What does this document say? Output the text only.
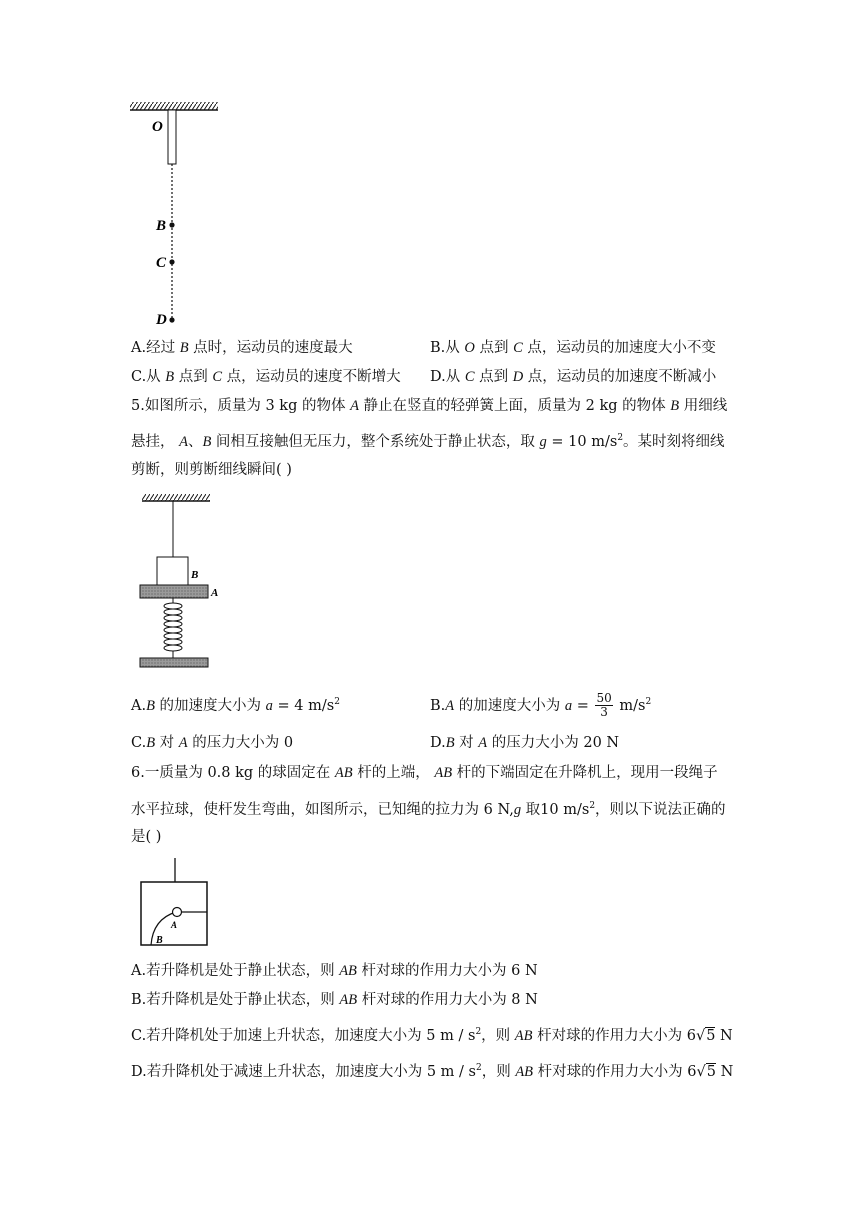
O
B
C
D
A.经过 B 点时，运动员的速度最大	B.从 O 点到 C 点，运动员的加速度大小不变
C.从 B 点到 C 点，运动员的速度不断增大 D.从 C 点到 D 点，运动员的加速度不断减小
5.如图所示，质量为 3 kg 的物体 A 静止在竖直的轻弹簧上面，质量为 2 kg 的物体 B 用细线
悬挂， A、B 间相互接触但无压力，整个系统处于静止状态，取 g = 10 $m/s^2$。某时刻将细线
剪断，则剪断细线瞬间( )
B
A
A.B 的加速度大小为 a = 4 $m/s^2$	B.A 的加速度大小为 $a = \frac{50}{3} m/s^2$
C.B 对 A 的压力大小为 0	D.B 对 A 的压力大小为 20 N
6.一质量为 0.8 kg 的球固定在 AB 杆的上端， AB 杆的下端固定在升降机上，现用一段绳子
水平拉球，使杆发生弯曲，如图所示，已知绳的拉力为 6 N,g 取10 $m/s^2$，则以下说法正确的
是( )
A
B
A.若升降机是处于静止状态，则 AB 杆对球的作用力大小为 6 N
B.若升降机是处于静止状态，则 AB 杆对球的作用力大小为 8 N
C.若升降机处于加速上升状态，加速度大小为 5 m / $s^2$，则 AB 杆对球的作用力大小为 6√5 N
D.若升降机处于减速上升状态，加速度大小为 5 m / $s^2$，则 AB 杆对球的作用力大小为 6√5 N
